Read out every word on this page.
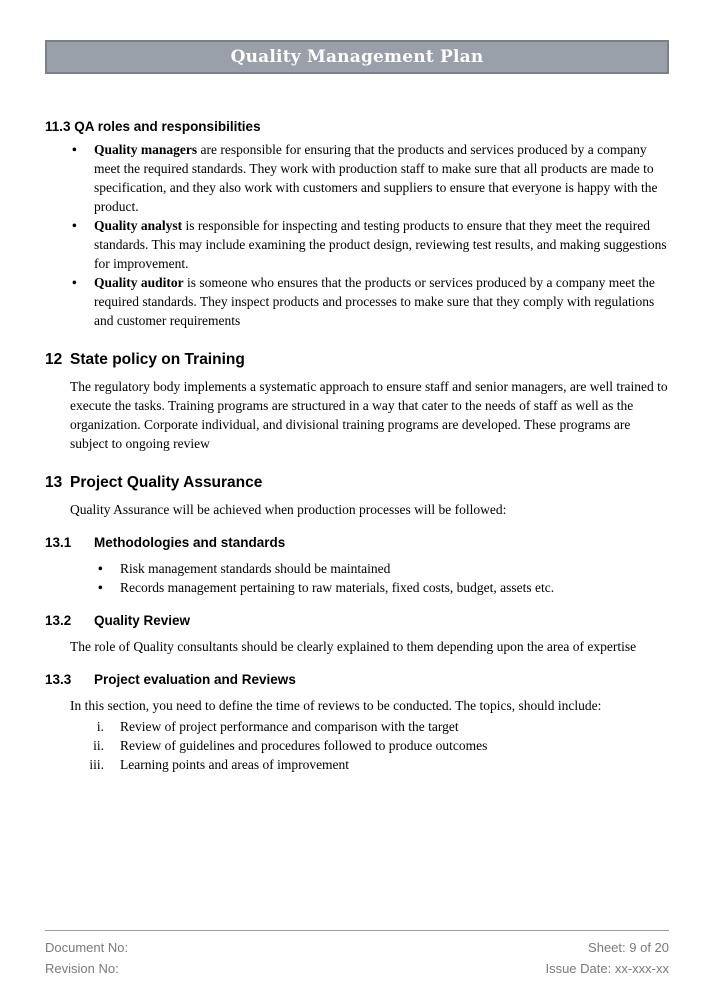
Quality Management Plan
11.3 QA roles and responsibilities
• Quality managers are responsible for ensuring that the products and services produced by a company meet the required standards. They work with production staff to make sure that all products are made to specification, and they also work with customers and suppliers to ensure that everyone is happy with the product.
• Quality analyst is responsible for inspecting and testing products to ensure that they meet the required standards. This may include examining the product design, reviewing test results, and making suggestions for improvement.
• Quality auditor is someone who ensures that the products or services produced by a company meet the required standards. They inspect products and processes to make sure that they comply with regulations and customer requirements
12 State policy on Training

The regulatory body implements a systematic approach to ensure staff and senior managers, are well trained to execute the tasks. Training programs are structured in a way that cater to the needs of staff as well as the organization. Corporate individual, and divisional training programs are developed. These programs are subject to ongoing review

13 Project Quality Assurance

Quality Assurance will be achieved when production processes will be followed:

13.1	Methodologies and standards
• Risk management standards should be maintained
• Records management pertaining to raw materials, fixed costs, budget, assets etc.
13.2	Quality Review

The role of Quality consultants should be clearly explained to them depending upon the area of expertise

13.3	Project evaluation and Reviews

In this section, you need to define the time of reviews to be conducted. The topics, should include:

i. Review of project performance and comparison with the target
ii. Review of guidelines and procedures followed to produce outcomes
iii. Learning points and areas of improvement
Document No:
Revision No:
Sheet: 9 of 20
Issue Date: xx-xxx-xx
